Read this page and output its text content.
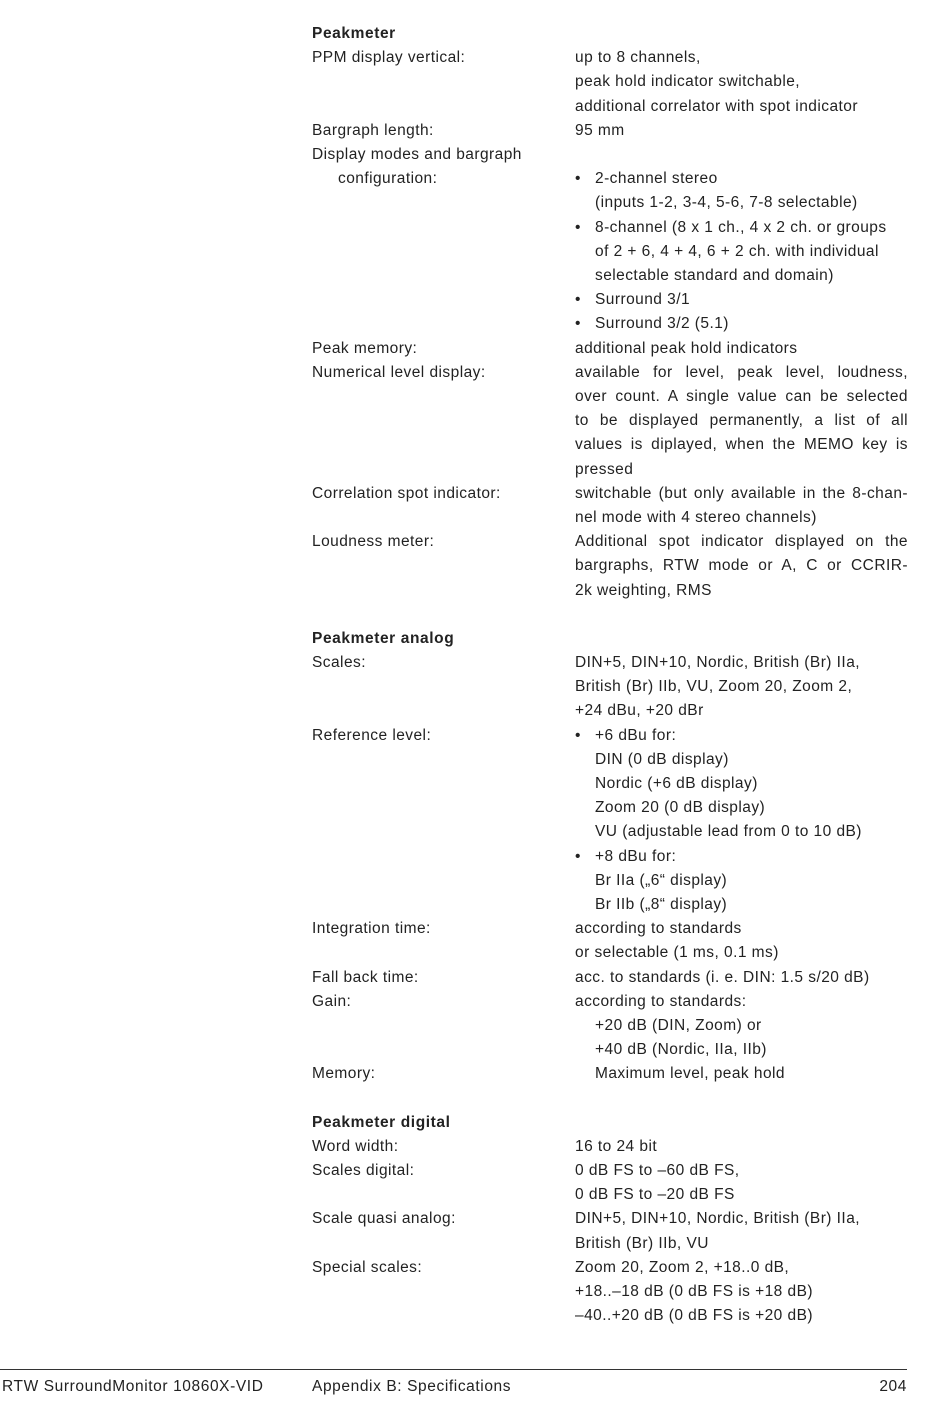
Peakmeter
PPM display vertical:	up to 8 channels,
peak hold indicator switchable,
additional correlator with spot indicator
Bargraph length:	95 mm
Display modes and bargraph
configuration:	• 2-channel stereo
(inputs 1-2, 3-4, 5-6, 7-8 selectable)
• 8-channel (8 x 1 ch., 4 x 2 ch. or groups
of 2 + 6, 4 + 4, 6 + 2 ch. with individual
selectable standard and domain)
• Surround 3/1
• Surround 3/2 (5.1)
Peak memory:	additional peak hold indicators
Numerical level display:	available for level, peak level, loudness,
over count. A single value can be selected
to be displayed permanently, a list of all
values is diplayed, when the MEMO key is
pressed
Correlation spot indicator:	switchable (but only available in the 8-chan-
nel mode with 4 stereo channels)
Loudness meter:	Additional spot indicator displayed on the
bargraphs, RTW mode or A, C or CCRIR-
2k weighting, RMS
Peakmeter analog
Scales:	DIN+5, DIN+10, Nordic, British (Br) IIa,
British (Br) IIb, VU, Zoom 20, Zoom 2,
+24 dBu, +20 dBr
Reference level:	• +6 dBu for:
DIN (0 dB display)
Nordic (+6 dB display)
Zoom 20 (0 dB display)
VU (adjustable lead from 0 to 10 dB)
• +8 dBu for:
Br IIa („6“ display)
Br IIb („8“ display)
Integration time:	according to standards
or selectable (1 ms, 0.1 ms)
Fall back time:	acc. to standards (i. e. DIN: 1.5 s/20 dB)
Gain:	according to standards:
+20 dB (DIN, Zoom) or
+40 dB (Nordic, IIa, IIb)
Memory:	Maximum level, peak hold
Peakmeter digital
Word width:	16 to 24 bit
Scales digital:	0 dB FS to –60 dB FS,
0 dB FS to –20 dB FS
Scale quasi analog:	DIN+5, DIN+10, Nordic, British (Br) IIa,
British (Br) IIb, VU
Special scales:	Zoom 20, Zoom 2, +18..0 dB,
+18..–18 dB (0 dB FS is +18 dB)
–40..+20 dB (0 dB FS is +20 dB)
RTW SurroundMonitor 10860X-VID	Appendix B: Specifications	204
